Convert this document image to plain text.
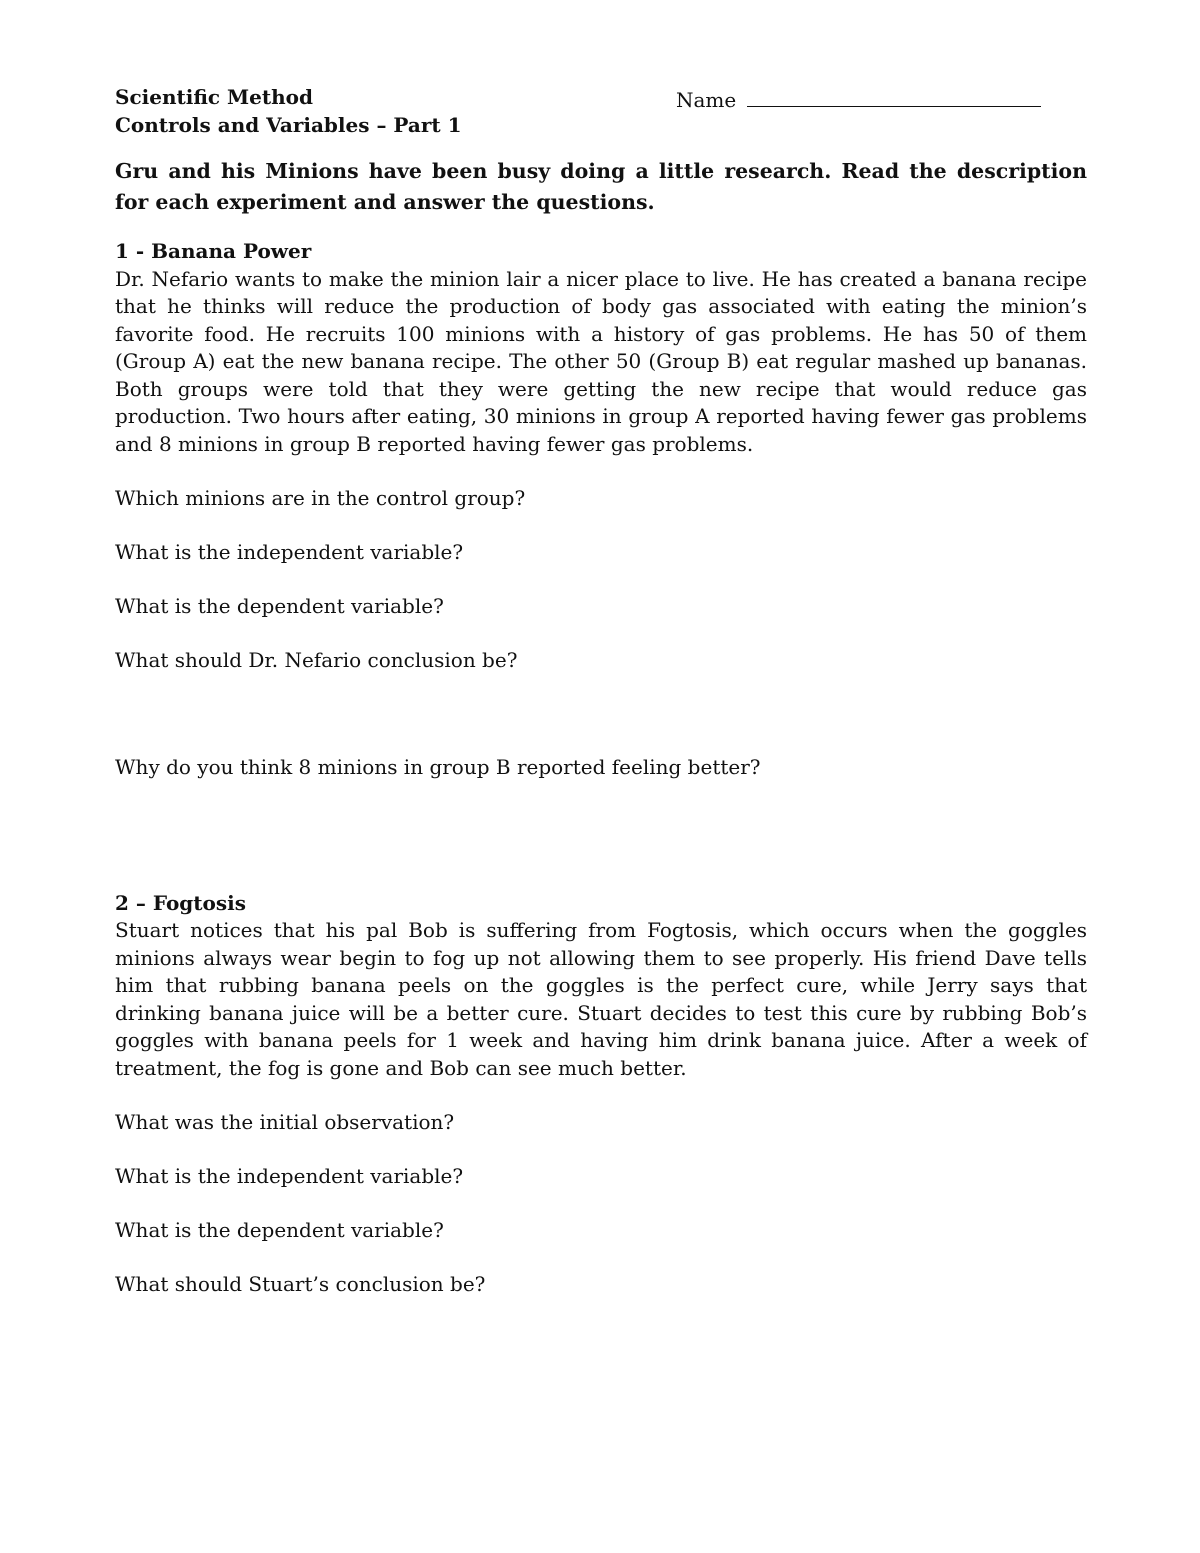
Scientific Method
Controls and Variables – Part 1
Name
Gru and his Minions have been busy doing a little research. Read the description for each experiment and answer the questions.
1 - Banana Power
Dr. Nefario wants to make the minion lair a nicer place to live. He has created a banana recipe that he thinks will reduce the production of body gas associated with eating the minion’s favorite food. He recruits 100 minions with a history of gas problems. He has 50 of them (Group A) eat the new banana recipe. The other 50 (Group B) eat regular mashed up bananas. Both groups were told that they were getting the new recipe that would reduce gas production. Two hours after eating, 30 minions in group A reported having fewer gas problems and 8 minions in group B reported having fewer gas problems.

Which minions are in the control group?

What is the independent variable?

What is the dependent variable?

What should Dr. Nefario conclusion be?

Why do you think 8 minions in group B reported feeling better?

2 – Fogtosis
Stuart notices that his pal Bob is suffering from Fogtosis, which occurs when the goggles minions always wear begin to fog up not allowing them to see properly. His friend Dave tells him that rubbing banana peels on the goggles is the perfect cure, while Jerry says that drinking banana juice will be a better cure. Stuart decides to test this cure by rubbing Bob’s goggles with banana peels for 1 week and having him drink banana juice. After a week of treatment, the fog is gone and Bob can see much better.

What was the initial observation?

What is the independent variable?

What is the dependent variable?

What should Stuart’s conclusion be?
